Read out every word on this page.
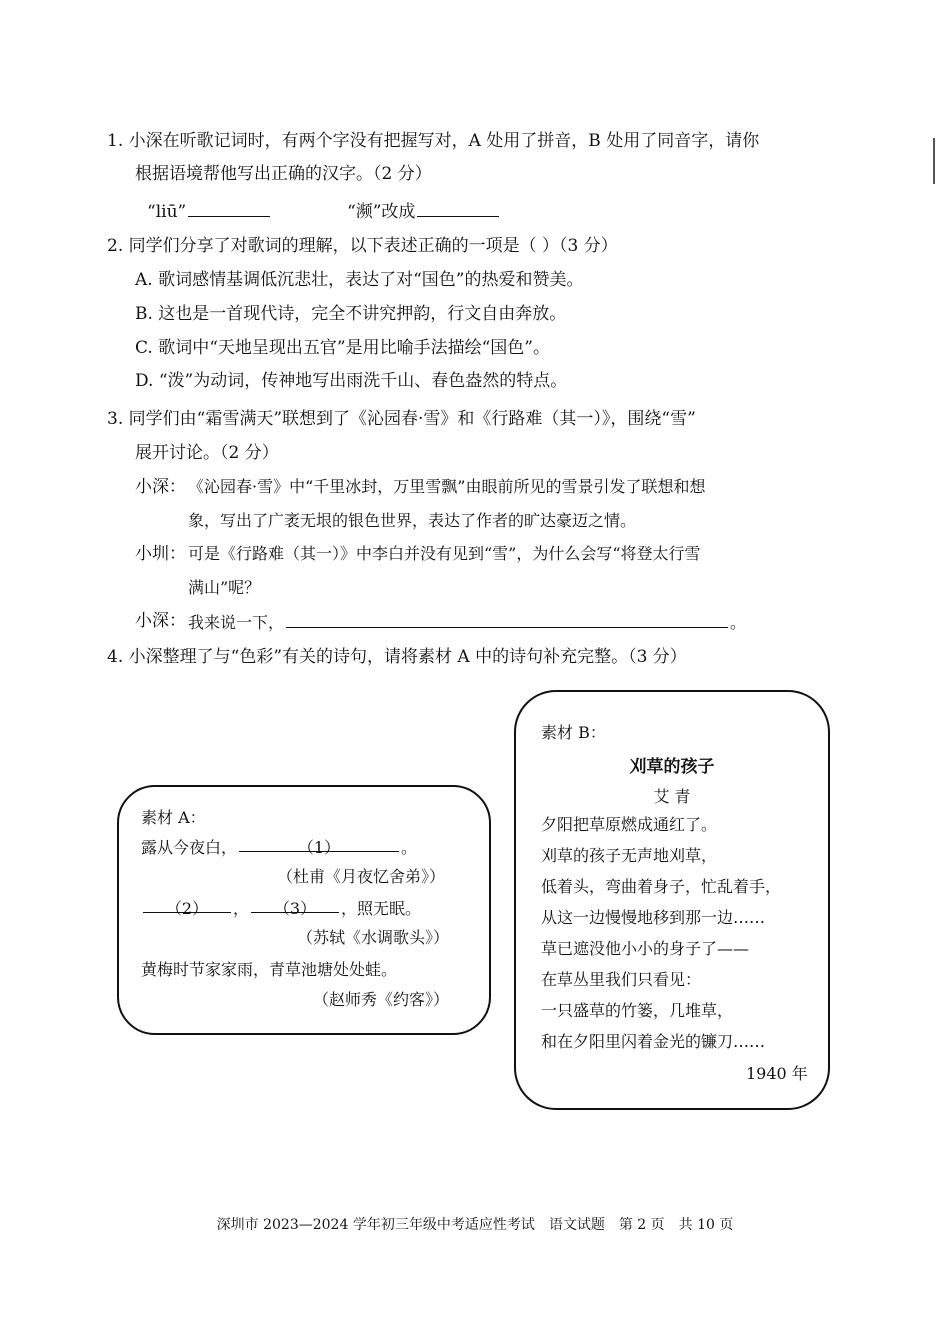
1. 小深在听歌记词时，有两个字没有把握写对，A 处用了拼音，B 处用了同音字，请你
根据语境帮他写出正确的汉字。（2 分）
“liū”	“濒”改成
2. 同学们分享了对歌词的理解，以下表述正确的一项是（ ）（3 分）
A. 歌词感情基调低沉悲壮，表达了对“国色”的热爱和赞美。
B. 这也是一首现代诗，完全不讲究押韵，行文自由奔放。
C. 歌词中“天地呈现出五官”是用比喻手法描绘“国色”。
D. “泼”为动词，传神地写出雨洗千山、春色盎然的特点。
3. 同学们由“霜雪满天”联想到了《沁园春·雪》和《行路难（其一）》，围绕“雪”
展开讨论。（2 分）
小深： 《沁园春·雪》中“千里冰封，万里雪飘”由眼前所见的雪景引发了联想和想
象，写出了广袤无垠的银色世界，表达了作者的旷达豪迈之情。
小圳： 可是《行路难（其一）》中李白并没有见到“雪”，为什么会写“将登太行雪
满山”呢？
小深： 我来说一下，	。
4. 小深整理了与“色彩”有关的诗句，请将素材 A 中的诗句补充完整。（3 分）
素材 A：
露从今夜白，	（1）	。
（杜甫《月夜忆舍弟》）
（2） ， （3） ，照无眠。
（苏轼《水调歌头》）
黄梅时节家家雨，青草池塘处处蛙。
（赵师秀《约客》）
素材 B：
刈草的孩子
艾 青
夕阳把草原燃成通红了。
刈草的孩子无声地刈草，
低着头，弯曲着身子，忙乱着手，
从这一边慢慢地移到那一边……
草已遮没他小小的身子了——
在草丛里我们只看见：
一只盛草的竹篓，几堆草，
和在夕阳里闪着金光的镰刀……
1940 年
深圳市 2023—2024 学年初三年级中考适应性考试　语文试题　第 2 页　共 10 页
